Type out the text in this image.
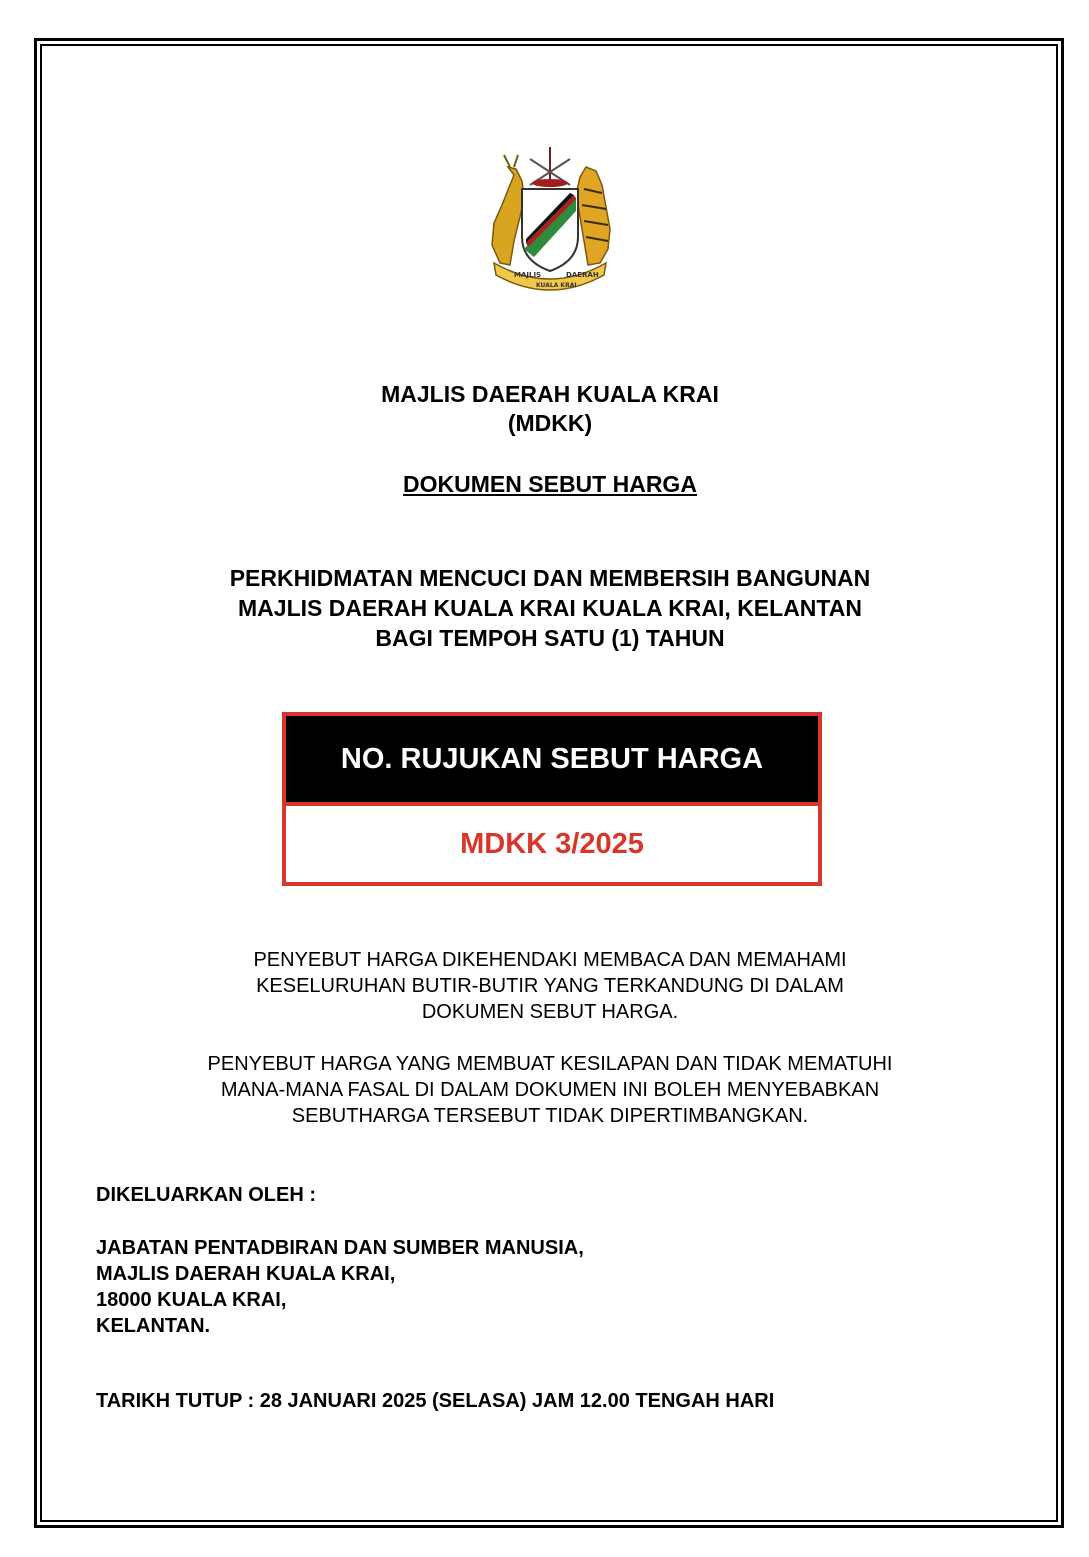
MAJLIS	DAERAH
KUALA KRAI
MAJLIS DAERAH KUALA KRAI
(MDKK)
DOKUMEN SEBUT HARGA
PERKHIDMATAN MENCUCI DAN MEMBERSIH BANGUNAN
MAJLIS DAERAH KUALA KRAI KUALA KRAI, KELANTAN
BAGI TEMPOH SATU (1) TAHUN
NO. RUJUKAN SEBUT HARGA
MDKK 3/2025
PENYEBUT HARGA DIKEHENDAKI MEMBACA DAN MEMAHAMI
KESELURUHAN BUTIR-BUTIR YANG TERKANDUNG DI DALAM
DOKUMEN SEBUT HARGA.
PENYEBUT HARGA YANG MEMBUAT KESILAPAN DAN TIDAK MEMATUHI
MANA-MANA FASAL DI DALAM DOKUMEN INI BOLEH MENYEBABKAN
SEBUTHARGA TERSEBUT TIDAK DIPERTIMBANGKAN.
DIKELUARKAN OLEH :
JABATAN PENTADBIRAN DAN SUMBER MANUSIA,
MAJLIS DAERAH KUALA KRAI,
18000 KUALA KRAI,
KELANTAN.
TARIKH TUTUP : 28 JANUARI 2025 (SELASA) JAM 12.00 TENGAH HARI
